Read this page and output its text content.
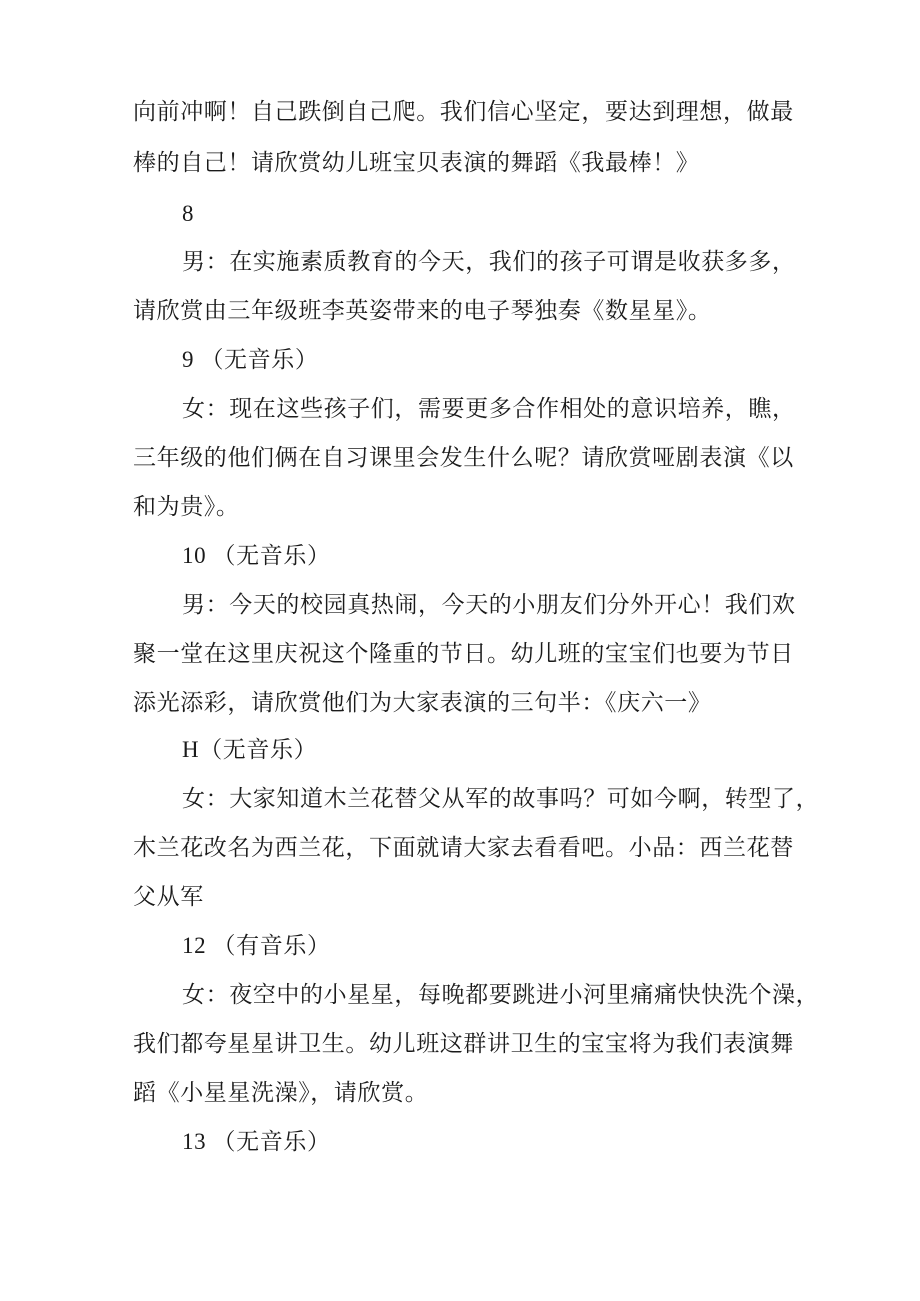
向前冲啊！自己跌倒自己爬。我们信心坚定，要达到理想，做最
棒的自己！请欣赏幼儿班宝贝表演的舞蹈《我最棒！》
8
男：在实施素质教育的今天，我们的孩子可谓是收获多多，
请欣赏由三年级班李英姿带来的电子琴独奏《数星星》。
9 （无音乐）
女：现在这些孩子们，需要更多合作相处的意识培养，瞧，
三年级的他们俩在自习课里会发生什么呢？请欣赏哑剧表演《以
和为贵》。
10 （无音乐）
男：今天的校园真热闹，今天的小朋友们分外开心！我们欢
聚一堂在这里庆祝这个隆重的节日。幼儿班的宝宝们也要为节日
添光添彩，请欣赏他们为大家表演的三句半：《庆六一》
H（无音乐）
女：大家知道木兰花替父从军的故事吗？可如今啊，转型了，
木兰花改名为西兰花，下面就请大家去看看吧。小品：西兰花替
父从军
12 （有音乐）
女：夜空中的小星星，每晚都要跳进小河里痛痛快快洗个澡，
我们都夸星星讲卫生。幼儿班这群讲卫生的宝宝将为我们表演舞
蹈《小星星洗澡》，请欣赏。
13 （无音乐）
